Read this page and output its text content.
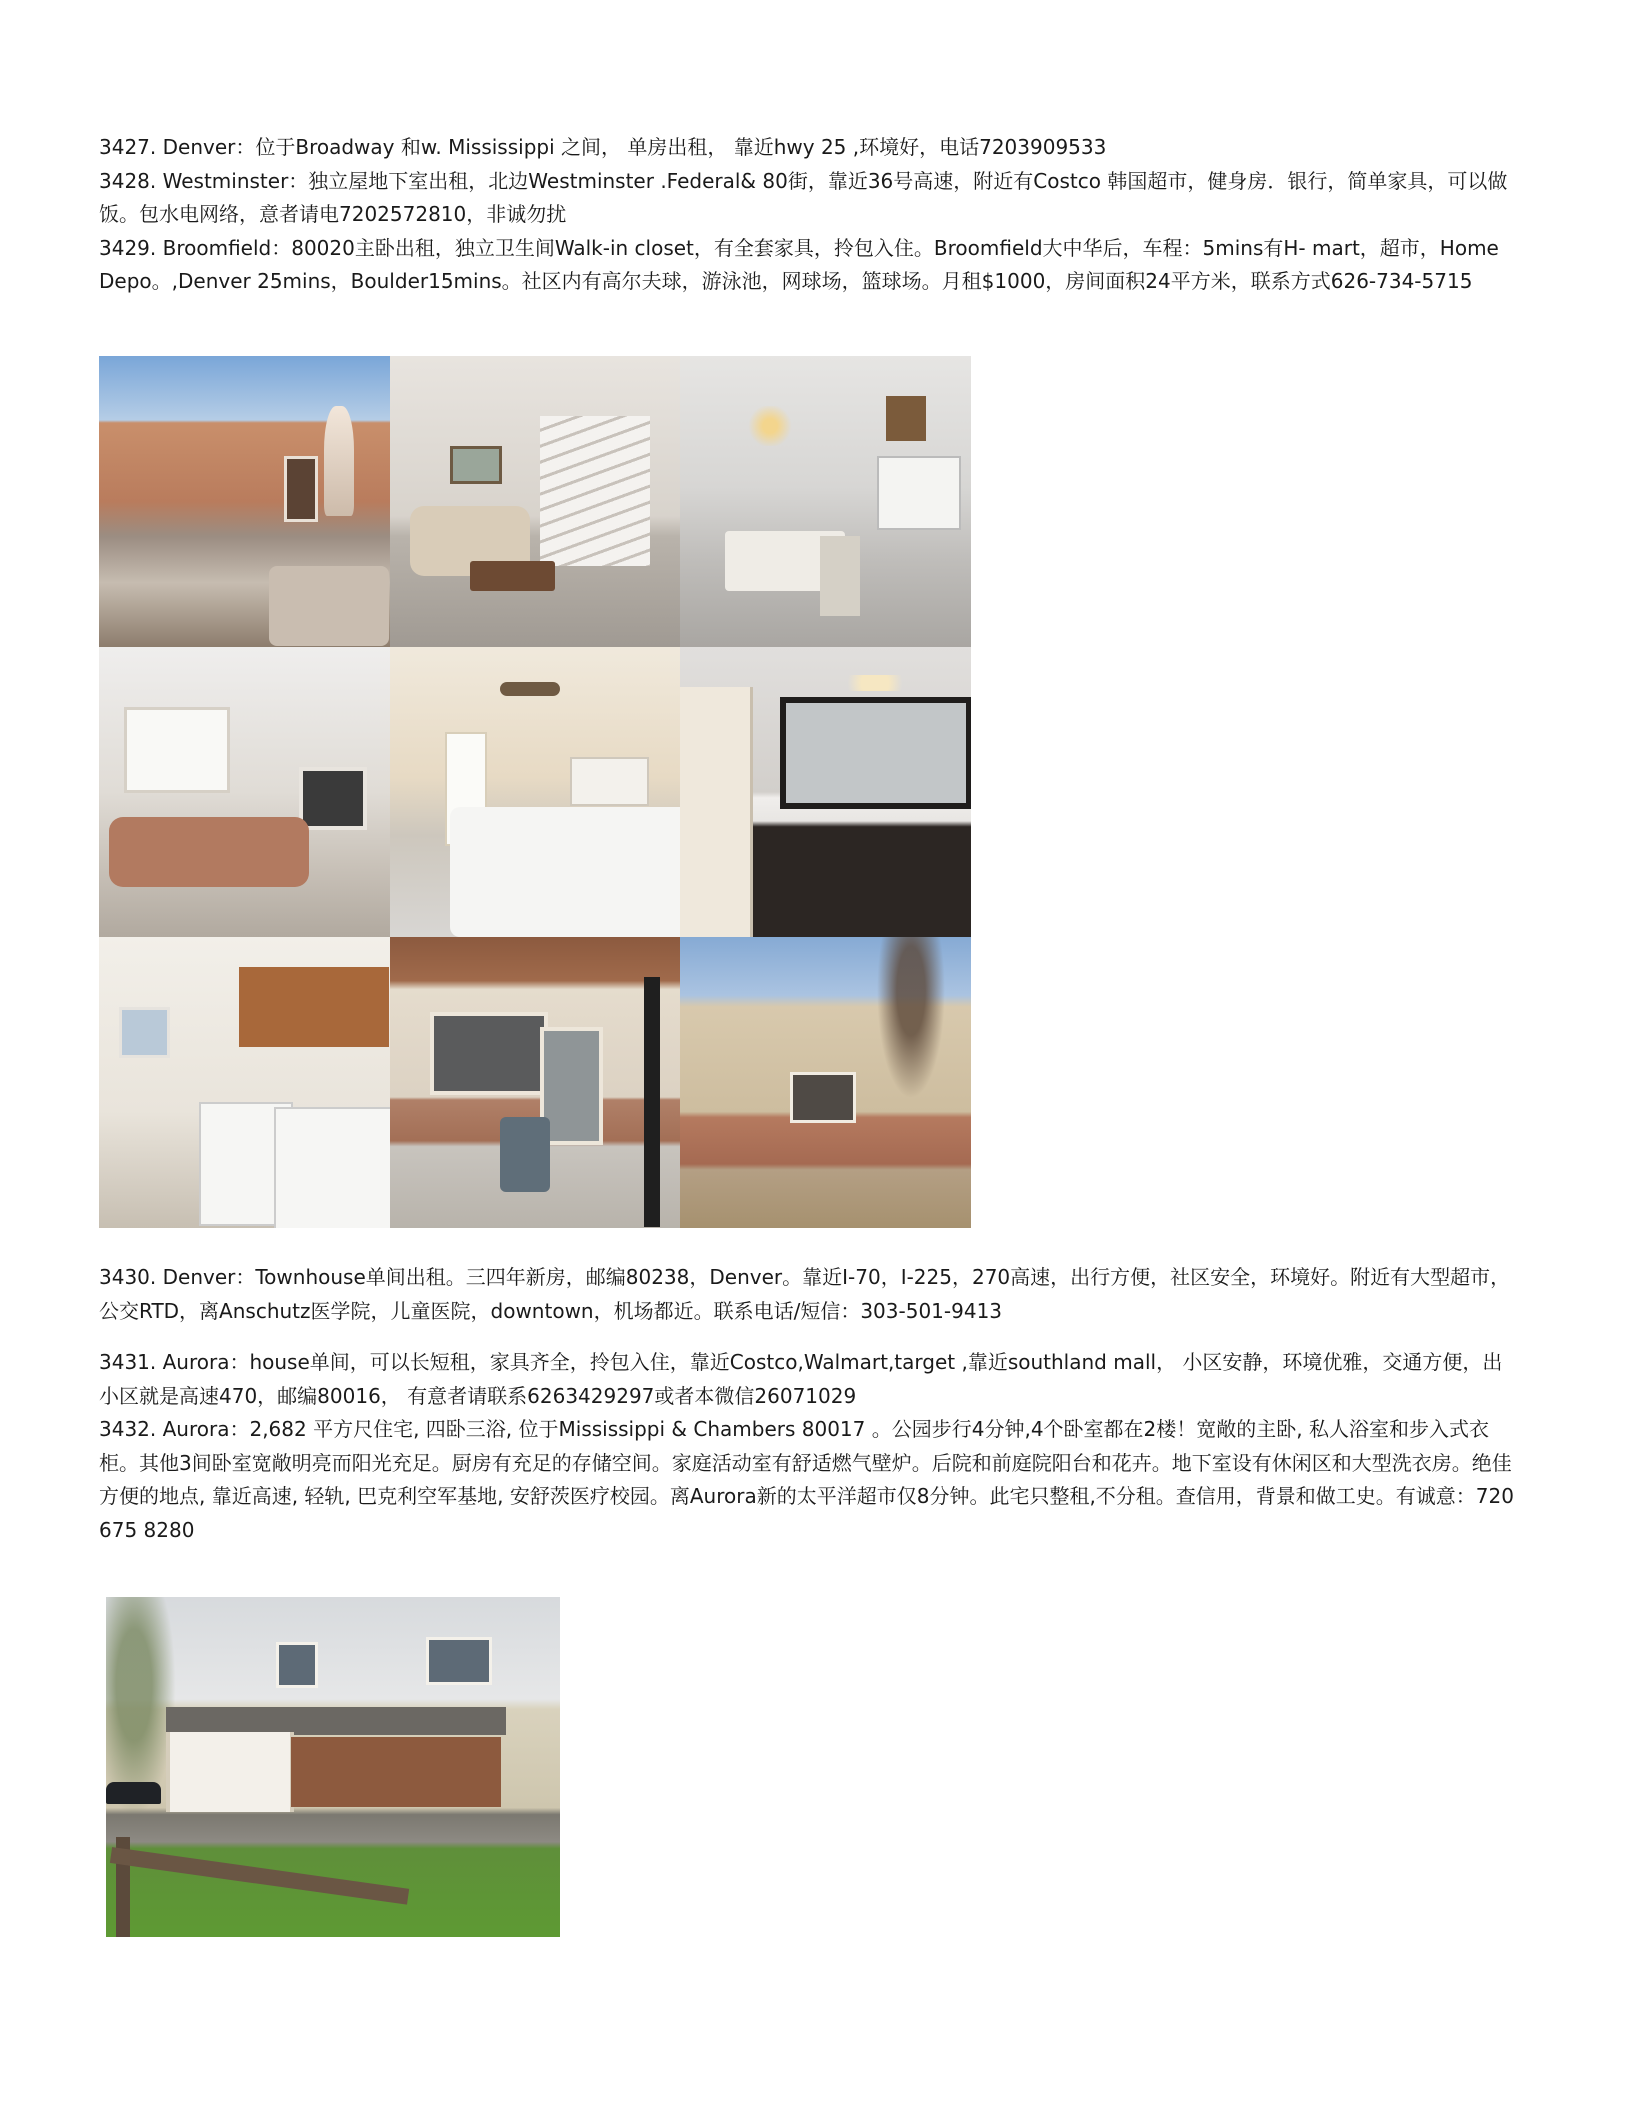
3427. Denver：位于Broadway 和w. Mississippi 之间， 单房出租， 靠近hwy 25 ,环境好，电话7203909533

3428. Westminster：独立屋地下室出租，北边Westminster .Federal& 80街，靠近36号高速，附近有Costco 韩国超市，健身房．银行，简单家具，可以做饭。包水电网络，意者请电7202572810，非诚勿扰

3429. Broomfield：80020主卧出租，独立卫生间Walk-in closet，有全套家具，拎包入住。Broomfield大中华后，车程：5mins有H- mart，超市，Home Depo。,Denver 25mins，Boulder15mins。社区内有高尔夫球，游泳池，网球场，篮球场。月租$1000，房间面积24平方米，联系方式626-734-5715

3430. Denver：Townhouse单间出租。三四年新房，邮编80238，Denver。靠近I-70，I-225，270高速，出行方便，社区安全，环境好。附近有大型超市，公交RTD，离Anschutz医学院，儿童医院，downtown，机场都近。联系电话/短信：303-501-9413

3431. Aurora：house单间，可以长短租，家具齐全，拎包入住，靠近Costco,Walmart,target ,靠近southland mall， 小区安静，环境优雅，交通方便，出小区就是高速470，邮编80016， 有意者请联系6263429297或者本微信26071029

3432. Aurora：2,682 平方尺住宅, 四卧三浴, 位于Mississippi & Chambers 80017 。公园步行4分钟,4个卧室都在2楼！宽敞的主卧, 私人浴室和步入式衣柜。其他3间卧室宽敞明亮而阳光充足。厨房有充足的存储空间。家庭活动室有舒适燃气壁炉。后院和前庭院阳台和花卉。地下室设有休闲区和大型洗衣房。绝佳方便的地点, 靠近高速, 轻轨, 巴克利空军基地, 安舒茨医疗校园。离Aurora新的太平洋超市仅8分钟。此宅只整租,不分租。查信用，背景和做工史。有诚意：720 675 8280
